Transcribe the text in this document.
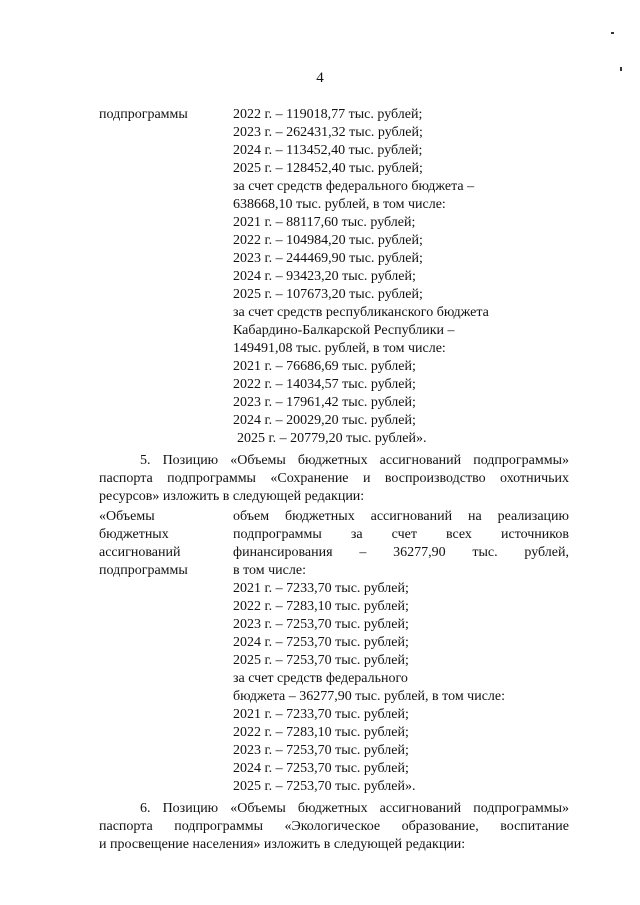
4
подпрограммы	2022 г. – 119018,77 тыс. рублей;
2023 г. – 262431,32 тыс. рублей;
2024 г. – 113452,40 тыс. рублей;
2025 г. – 128452,40 тыс. рублей;
за счет средств федерального бюджета –
638668,10 тыс. рублей, в том числе:
2021 г. – 88117,60 тыс. рублей;
2022 г. – 104984,20 тыс. рублей;
2023 г. – 244469,90 тыс. рублей;
2024 г. – 93423,20 тыс. рублей;
2025 г. – 107673,20 тыс. рублей;
за счет средств республиканского бюджета
Кабардино-Балкарской Республики –
149491,08 тыс. рублей, в том числе:
2021 г. – 76686,69 тыс. рублей;
2022 г. – 14034,57 тыс. рублей;
2023 г. – 17961,42 тыс. рублей;
2024 г. – 20029,20 тыс. рублей;
2025 г. – 20779,20 тыс. рублей».
5. Позицию «Объемы бюджетных ассигнований подпрограммы»
паспорта подпрограммы «Сохранение и воспроизводство охотничьих
ресурсов» изложить в следующей редакции:
«Объемы
бюджетных
ассигнований
подпрограммы
объем бюджетных ассигнований на реализацию
подпрограммы за счет всех источников
финансирования – 36277,90 тыс. рублей,
в том числе:
2021 г. – 7233,70 тыс. рублей;
2022 г. – 7283,10 тыс. рублей;
2023 г. – 7253,70 тыс. рублей;
2024 г. – 7253,70 тыс. рублей;
2025 г. – 7253,70 тыс. рублей;
за счет средств федерального
бюджета – 36277,90 тыс. рублей, в том числе:
2021 г. – 7233,70 тыс. рублей;
2022 г. – 7283,10 тыс. рублей;
2023 г. – 7253,70 тыс. рублей;
2024 г. – 7253,70 тыс. рублей;
2025 г. – 7253,70 тыс. рублей».
6. Позицию «Объемы бюджетных ассигнований подпрограммы»
паспорта подпрограммы «Экологическое образование, воспитание
и просвещение населения» изложить в следующей редакции:
